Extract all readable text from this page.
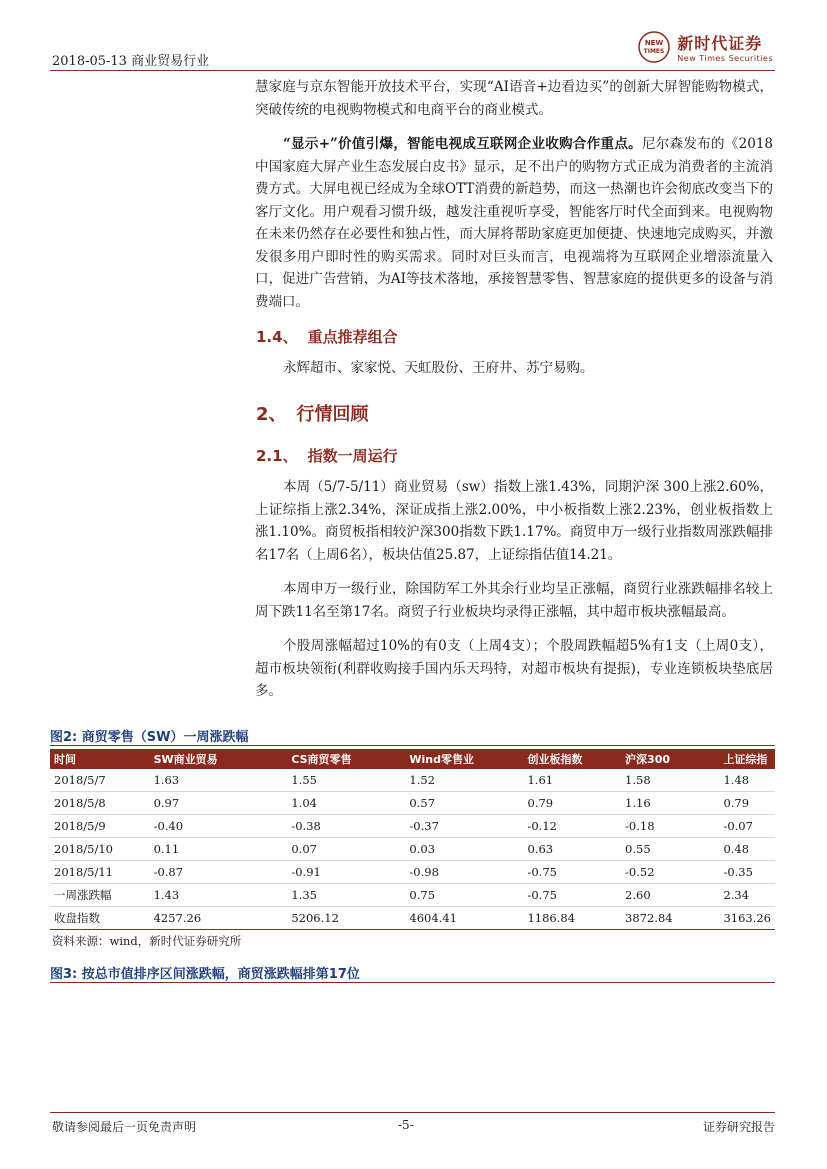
2018-05-13 商业贸易行业
NEW
TIMES 新时代证券
New Times Securities

慧家庭与京东智能开放技术平台，实现“AI语音+边看边买”的创新大屏智能购物模式，突破传统的电视购物模式和电商平台的商业模式。

“显示+”价值引爆，智能电视成互联网企业收购合作重点。尼尔森发布的《2018中国家庭大屏产业生态发展白皮书》显示，足不出户的购物方式正成为消费者的主流消费方式。大屏电视已经成为全球OTT消费的新趋势，而这一热潮也许会彻底改变当下的客厅文化。用户观看习惯升级，越发注重视听享受，智能客厅时代全面到来。电视购物在未来仍然存在必要性和独占性，而大屏将帮助家庭更加便捷、快速地完成购买，并激发很多用户即时性的购买需求。同时对巨头而言，电视端将为互联网企业增添流量入口，促进广告营销，为AI等技术落地，承接智慧零售、智慧家庭的提供更多的设备与消费端口。

1.4、 重点推荐组合
永辉超市、家家悦、天虹股份、王府井、苏宁易购。
2、 行情回顾
2.1、 指数一周运行

本周（5/7-5/11）商业贸易（sw）指数上涨1.43%，同期沪深 300上涨2.60%，上证综指上涨2.34%，深证成指上涨2.00%，中小板指数上涨2.23%，创业板指数上涨1.10%。商贸板指相较沪深300指数下跌1.17%。商贸申万一级行业指数周涨跌幅排名17名（上周6名），板块估值25.87，上证综指估值14.21。

本周申万一级行业，除国防军工外其余行业均呈正涨幅，商贸行业涨跌幅排名较上周下跌11名至第17名。商贸子行业板块均录得正涨幅，其中超市板块涨幅最高。

个股周涨幅超过10%的有0支（上周4支）；个股周跌幅超5%有1支（上周0支），超市板块领衔(利群收购接手国内乐天玛特，对超市板块有提振)，专业连锁板块垫底居多。

图2: 商贸零售（SW）一周涨跌幅
时间	SW商业贸易	CS商贸零售	Wind零售业	创业板指数	沪深300	上证综指
2018/5/7	1.63	1.55	1.52	1.61	1.58	1.48
2018/5/8	0.97	1.04	0.57	0.79	1.16	0.79
2018/5/9	-0.40	-0.38	-0.37	-0.12	-0.18	-0.07
2018/5/10	0.11	0.07	0.03	0.63	0.55	0.48
2018/5/11	-0.87	-0.91	-0.98	-0.75	-0.52	-0.35
一周涨跌幅	1.43	1.35	0.75	-0.75	2.60	2.34
收盘指数	4257.26	5206.12	4604.41	1186.84	3872.84	3163.26
资料来源：wind，新时代证券研究所
图3: 按总市值排序区间涨跌幅，商贸涨跌幅排第17位
敬请参阅最后一页免责声明	-5-	证券研究报告
